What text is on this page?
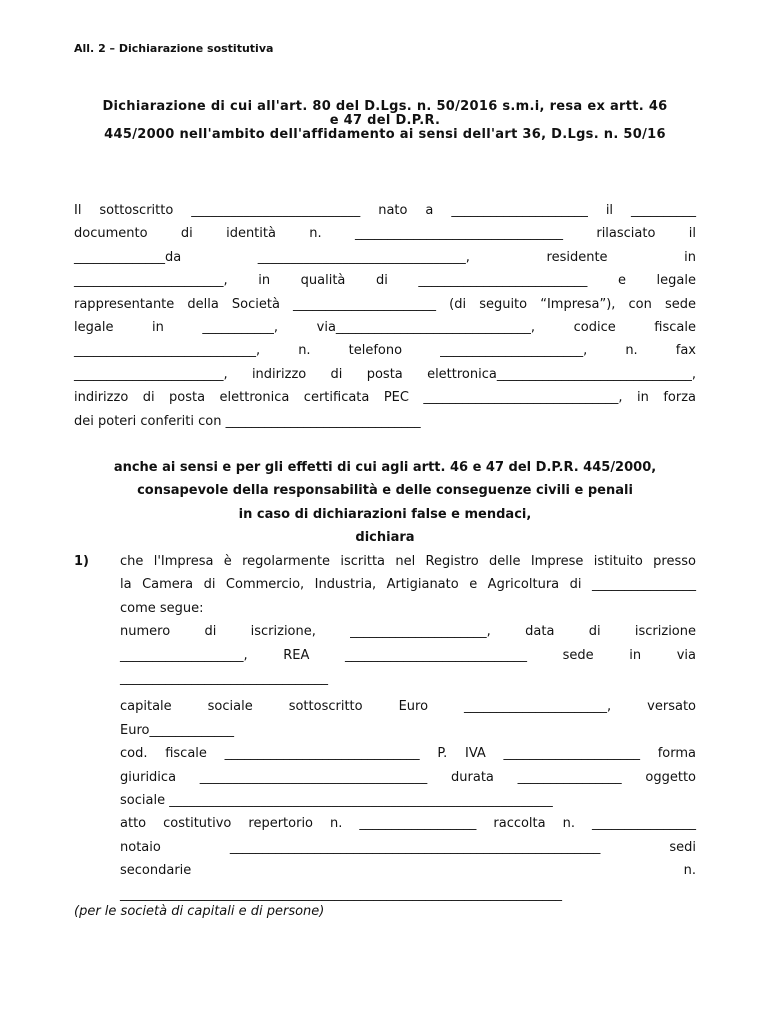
All. 2 – Dichiarazione sostitutiva
Dichiarazione di cui all'art. 80 del D.Lgs. n. 50/2016 s.m.i, resa ex artt. 46
e 47 del D.P.R.
445/2000 nell'ambito dell'affidamento ai sensi dell'art 36, D.Lgs. n. 50/16
Il sottoscritto __________________________ nato a _____________________ il __________
documento di identità n. ________________________________ rilasciato il
______________da ________________________________, residente in
_______________________, in qualità di __________________________ e legale
rappresentante della Società ______________________ (di seguito “Impresa”), con sede
legale in ___________, via______________________________, codice fiscale
____________________________, n. telefono ______________________, n. fax
_______________________, indirizzo di posta elettronica______________________________,
indirizzo di posta elettronica certificata PEC ______________________________, in forza
dei poteri conferiti con ______________________________
anche ai sensi e per gli effetti di cui agli artt. 46 e 47 del D.P.R. 445/2000,
consapevole della responsabilità e delle conseguenze civili e penali
in caso di dichiarazioni false e mendaci,
dichiara
1) che l'Impresa è regolarmente iscritta nel Registro delle Imprese istituito presso
la Camera di Commercio, Industria, Artigianato e Agricoltura di ________________
come segue:
numero di iscrizione, _____________________, data di iscrizione
___________________, REA ____________________________ sede in via
________________________________
capitale sociale sottoscritto Euro ______________________, versato
Euro_____________
cod. fiscale ______________________________ P. IVA _____________________ forma
giuridica ___________________________________ durata ________________ oggetto
sociale ___________________________________________________________
atto costitutivo repertorio n. __________________ raccolta n. ________________
notaio _________________________________________________________ sedi
secondarie n.
____________________________________________________________________
(per le società di capitali e di persone)
